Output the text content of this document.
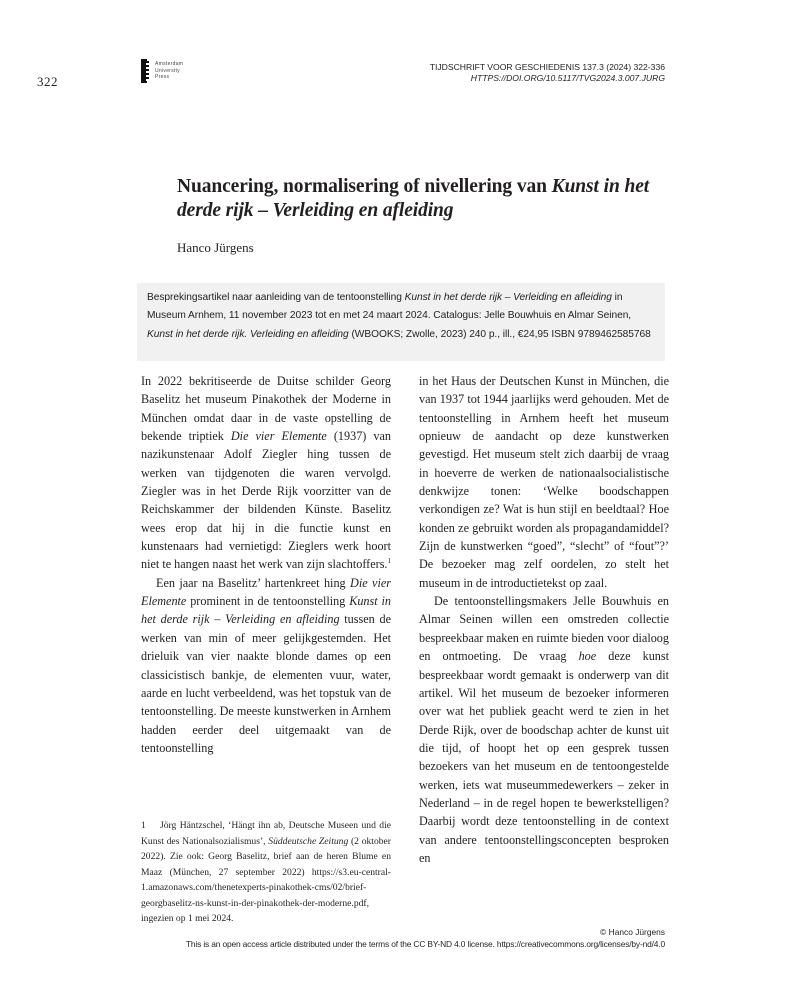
322
Amsterdam
University
Press
TIJDSCHRIFT VOOR GESCHIEDENIS 137.3 (2024) 322-336
HTTPS://DOI.ORG/10.5117/TVG2024.3.007.JURG
Nuancering, normalisering of nivellering van Kunst in het derde rijk – Verleiding en afleiding
Hanco Jürgens
Besprekingsartikel naar aanleiding van de tentoonstelling Kunst in het derde rijk – Verleiding en afleiding in Museum Arnhem, 11 november 2023 tot en met 24 maart 2024. Catalogus: Jelle Bouwhuis en Almar Seinen, Kunst in het derde rijk. Verleiding en afleiding (WBOOKS; Zwolle, 2023) 240 p., ill., €24,95 ISBN 9789462585768

In 2022 bekritiseerde de Duitse schilder Georg Baselitz het museum Pinakothek der Moderne in München omdat daar in de vaste opstelling de bekende triptiek Die vier Elemente (1937) van nazikunstenaar Adolf Ziegler hing tussen de werken van tijdgenoten die waren vervolgd. Ziegler was in het Derde Rijk voorzitter van de Reichskammer der bildenden Künste. Baselitz wees erop dat hij in die functie kunst en kunstenaars had vernietigd: Zieglers werk hoort niet te hangen naast het werk van zijn slachtoffers.$^1$

Een jaar na Baselitz’ hartenkreet hing Die vier Elemente prominent in de tentoonstelling Kunst in het derde rijk – Verleiding en afleiding tussen de werken van min of meer gelijkgestemden. Het drieluik van vier naakte blonde dames op een classicistisch bankje, de elementen vuur, water, aarde en lucht verbeeldend, was het topstuk van de tentoonstelling. De meeste kunstwerken in Arnhem hadden eerder deel uitgemaakt van de tentoonstelling

in het Haus der Deutschen Kunst in München, die van 1937 tot 1944 jaarlijks werd gehouden. Met de tentoonstelling in Arnhem heeft het museum opnieuw de aandacht op deze kunstwerken gevestigd. Het museum stelt zich daarbij de vraag in hoeverre de werken de nationaalsocialistische denkwijze tonen: ‘Welke boodschappen verkondigen ze? Wat is hun stijl en beeldtaal? Hoe konden ze gebruikt worden als propagandamiddel? Zijn de kunstwerken “goed”, “slecht” of “fout”?’ De bezoeker mag zelf oordelen, zo stelt het museum in de introductietekst op zaal.

De tentoonstellingsmakers Jelle Bouwhuis en Almar Seinen willen een omstreden collectie bespreekbaar maken en ruimte bieden voor dialoog en ontmoeting. De vraag hoe deze kunst bespreekbaar wordt gemaakt is onderwerp van dit artikel. Wil het museum de bezoeker informeren over wat het publiek geacht werd te zien in het Derde Rijk, over de boodschap achter de kunst uit die tijd, of hoopt het op een gesprek tussen bezoekers van het museum en de tentoongestelde werken, iets wat museummedewerkers – zeker in Nederland – in de regel hopen te bewerkstelligen? Daarbij wordt deze tentoonstelling in de context van andere tentoonstellingsconcepten besproken en

1 Jörg Häntzschel, ‘Hängt ihn ab, Deutsche Museen und die Kunst des Nationalsozialismus’, Süddeutsche Zeitung (2 oktober 2022). Zie ook: Georg Baselitz, brief aan de heren Blume en Maaz (München, 27 september 2022) https://s3.eu-central-1.amazonaws.com/thenetexperts-pinakothek-cms/02/brief-georgbaselitz-ns-kunst-in-der-pinakothek-der-moderne.pdf, ingezien op 1 mei 2024.
© Hanco Jürgens
This is an open access article distributed under the terms of the CC BY-ND 4.0 license. https://creativecommons.org/licenses/by-nd/4.0
